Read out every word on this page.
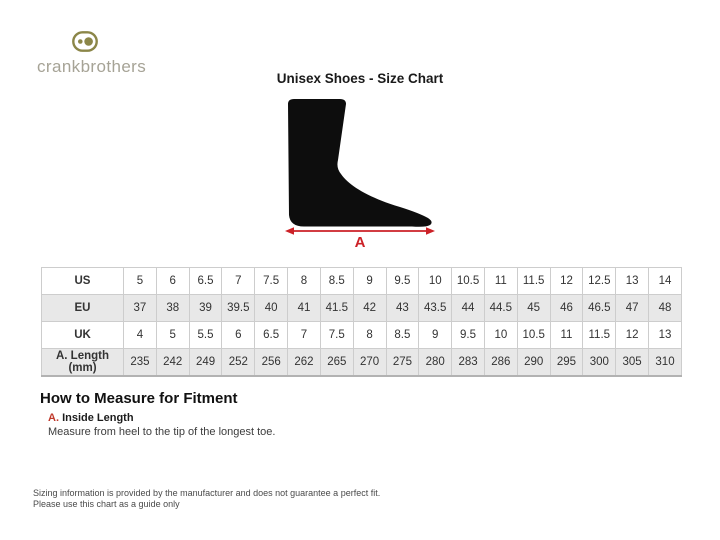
crankbrothers
Unisex Shoes - Size Chart
A
US	5	6	6.5	7	7.5	8	8.5	9	9.5	10	10.5	11	11.5	12	12.5	13	14
EU	37	38	39	39.5	40	41	41.5	42	43	43.5	44	44.5	45	46	46.5	47	48
UK	4	5	5.5	6	6.5	7	7.5	8	8.5	9	9.5	10	10.5	11	11.5	12	13
A. Length (mm)	235	242	249	252	256	262	265	270	275	280	283	286	290	295	300	305	310
How to Measure for Fitment
A. Inside Length
Measure from heel to the tip of the longest toe.
Sizing information is provided by the manufacturer and does not guarantee a perfect fit.
Please use this chart as a guide only
